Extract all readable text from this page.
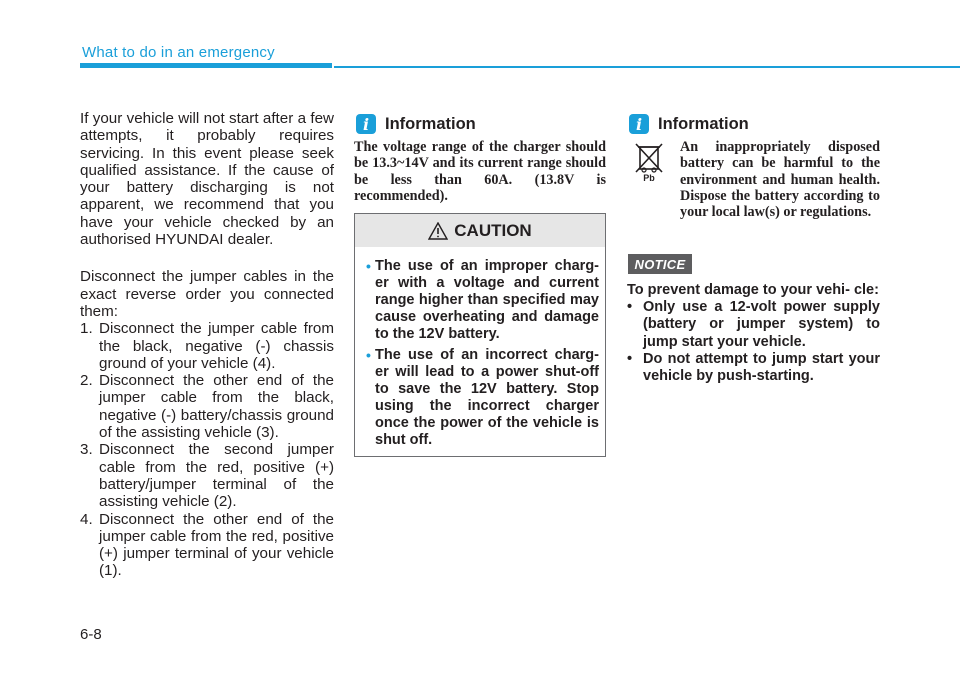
What to do in an emergency

If your vehicle will not start after a few attempts, it probably requires servicing. In this event please seek qualified assistance. If the cause of your battery discharging is not apparent, we recommend that you have your vehicle checked by an authorised HYUNDAI dealer.

Disconnect the jumper cables in the exact reverse order you connected them:

1. Disconnect the jumper cable from the black, negative (-) chassis ground of your vehicle (4).
2. Disconnect the other end of the jumper cable from the black, negative (-) battery/chassis ground of the assisting vehicle (3).
3. Disconnect the second jumper cable from the red, positive (+) battery/jumper terminal of the assisting vehicle (2).
4. Disconnect the other end of the jumper cable from the red, positive (+) jumper terminal of your vehicle (1).
i Information
The voltage range of the charger should be 13.3~14V and its current range should be less than 60A. (13.8V is recommended).
CAUTION
• The use of an improper charg- er with a voltage and current range higher than specified may cause overheating and damage to the 12V battery.
• The use of an incorrect charg- er will lead to a power shut-off to save the 12V battery. Stop using the incorrect charger once the power of the vehicle is shut off.
i Information
Pb
An inappropriately disposed battery can be harmful to the environment and human health. Dispose the battery according to your local law(s) or regulations.
NOTICE

To prevent damage to your vehi- cle:

• Only use a 12-volt power supply (battery or jumper system) to jump start your vehicle.
• Do not attempt to jump start your vehicle by push-starting.
6-8
